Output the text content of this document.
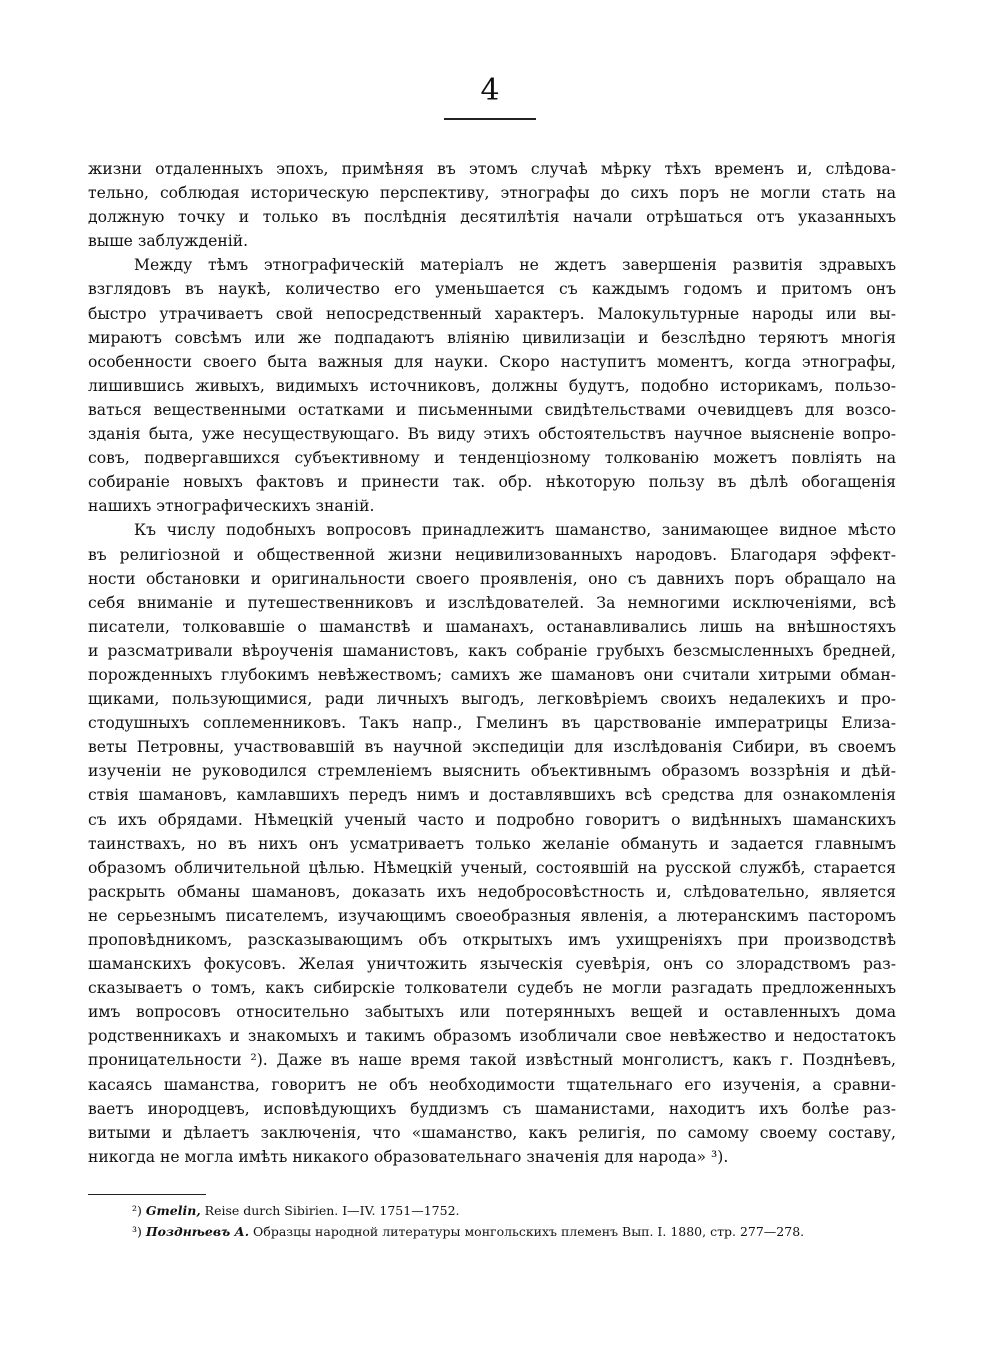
4
жизни отдаленныхъ эпохъ, примѣняя въ этомъ случаѣ мѣрку тѣхъ временъ и, слѣдова-
тельно, соблюдая историческую перспективу, этнографы до сихъ поръ не могли стать на
должную точку и только въ послѣднія десятилѣтія начали отрѣшаться отъ указанныхъ
выше заблужденій.
Между тѣмъ этнографическій матеріалъ не ждетъ завершенія развитія здравыхъ
взглядовъ въ наукѣ, количество его уменьшается съ каждымъ годомъ и притомъ онъ
быстро утрачиваетъ свой непосредственный характеръ. Малокультурные народы или вы-
мираютъ совсѣмъ или же подпадаютъ вліянію цивилизаціи и безслѣдно теряютъ многія
особенности своего быта важныя для науки. Скоро наступитъ моментъ, когда этнографы,
лишившись живыхъ, видимыхъ источниковъ, должны будутъ, подобно историкамъ, пользо-
ваться вещественными остатками и письменными свидѣтельствами очевидцевъ для возсо-
зданія быта, уже несуществующаго. Въ виду этихъ обстоятельствъ научное выясненіе вопро-
совъ, подвергавшихся субъективному и тенденціозному толкованію можетъ повліять на
собираніе новыхъ фактовъ и принести так. обр. нѣкоторую пользу въ дѣлѣ обогащенія
нашихъ этнографическихъ знаній.
Къ числу подобныхъ вопросовъ принадлежитъ шаманство, занимающее видное мѣсто
въ религіозной и общественной жизни нецивилизованныхъ народовъ. Благодаря эффект-
ности обстановки и оригинальности своего проявленія, оно съ давнихъ поръ обращало на
себя вниманіе и путешественниковъ и изслѣдователей. За немногими исключеніями, всѣ
писатели, толковавшіе о шаманствѣ и шаманахъ, останавливались лишь на внѣшностяхъ
и разсматривали вѣроученія шаманистовъ, какъ собраніе грубыхъ безсмысленныхъ бредней,
порожденныхъ глубокимъ невѣжествомъ; самихъ же шамановъ они считали хитрыми обман-
щиками, пользующимися, ради личныхъ выгодъ, легковѣріемъ своихъ недалекихъ и про-
стодушныхъ соплеменниковъ. Такъ напр., Гмелинъ въ царствованіе императрицы Елиза-
веты Петровны, участвовавшій въ научной экспедиціи для изслѣдованія Сибири, въ своемъ
изученіи не руководился стремленіемъ выяснить объективнымъ образомъ воззрѣнія и дѣй-
ствія шамановъ, камлавшихъ передъ нимъ и доставлявшихъ всѣ средства для ознакомленія
съ ихъ обрядами. Нѣмецкій ученый часто и подробно говоритъ о видѣнныхъ шаманскихъ
таинствахъ, но въ нихъ онъ усматриваетъ только желаніе обмануть и задается главнымъ
образомъ обличительной цѣлью. Нѣмецкій ученый, состоявшій на русской службѣ, старается
раскрыть обманы шамановъ, доказать ихъ недобросовѣстность и, слѣдовательно, является
не серьезнымъ писателемъ, изучающимъ своеобразныя явленія, а лютеранскимъ пасторомъ
проповѣдникомъ, разсказывающимъ объ открытыхъ имъ ухищреніяхъ при производствѣ
шаманскихъ фокусовъ. Желая уничтожить языческія суевѣрія, онъ со злорадствомъ раз-
сказываетъ о томъ, какъ сибирскіе толкователи судебъ не могли разгадать предложенныхъ
имъ вопросовъ относительно забытыхъ или потерянныхъ вещей и оставленныхъ дома
родственникахъ и знакомыхъ и такимъ образомъ изобличали свое невѣжество и недостатокъ
проницательности ²). Даже въ наше время такой извѣстный монголистъ, какъ г. Позднѣевъ,
касаясь шаманства, говоритъ не объ необходимости тщательнаго его изученія, а сравни-
ваетъ инородцевъ, исповѣдующихъ буддизмъ съ шаманистами, находитъ ихъ болѣе раз-
витыми и дѣлаетъ заключенія, что «шаманство, какъ религія, по самому своему составу,
никогда не могла имѣть никакого образовательнаго значенія для народа» ³).
²) Gmelin, Reise durch Sibirien. I—IV. 1751—1752.
³) Позднѣевъ А. Образцы народной литературы монгольскихъ племенъ Вып. I. 1880, стр. 277—278.
